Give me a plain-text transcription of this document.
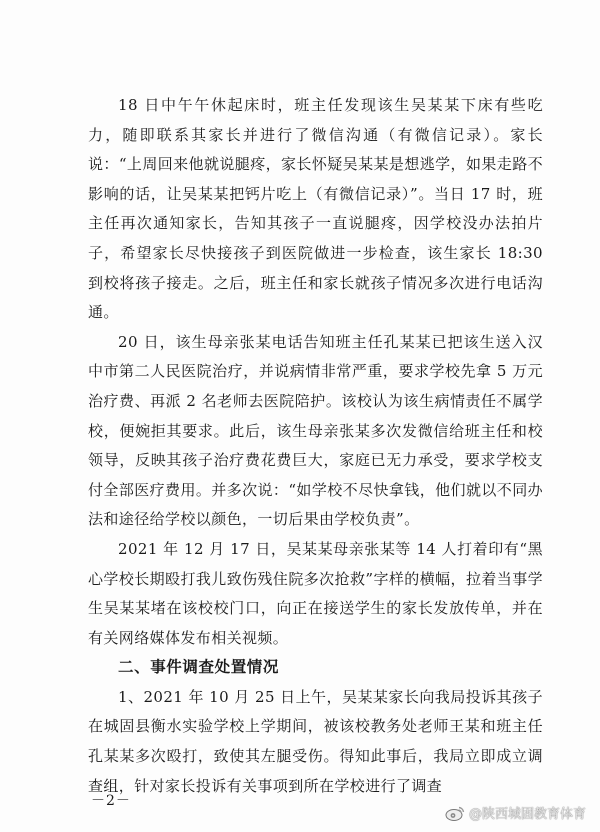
18 日中午午休起床时，班主任发现该生吴某某下床有些吃力，随即联系其家长并进行了微信沟通（有微信记录）。家长说：“上周回来他就说腿疼，家长怀疑吴某某是想逃学，如果走路不影响的话，让吴某某把钙片吃上（有微信记录）”。当日 17 时，班主任再次通知家长，告知其孩子一直说腿疼，因学校没办法拍片子，希望家长尽快接孩子到医院做进一步检查，该生家长 18:30 到校将孩子接走。之后，班主任和家长就孩子情况多次进行电话沟通。

20 日，该生母亲张某电话告知班主任孔某某已把该生送入汉中市第二人民医院治疗，并说病情非常严重，要求学校先拿 5 万元治疗费、再派 2 名老师去医院陪护。该校认为该生病情责任不属学校，便婉拒其要求。此后，该生母亲张某多次发微信给班主任和校领导，反映其孩子治疗费花费巨大，家庭已无力承受，要求学校支付全部医疗费用。并多次说：“如学校不尽快拿钱，他们就以不同办法和途径给学校以颜色，一切后果由学校负责”。

2021 年 12 月 17 日，吴某某母亲张某等 14 人打着印有“黑心学校长期殴打我儿致伤残住院多次抢救”字样的横幅，拉着当事学生吴某某堵在该校校门口，向正在接送学生的家长发放传单，并在有关网络媒体发布相关视频。

二、事件调查处置情况

1、2021 年 10 月 25 日上午，吴某某家长向我局投诉其孩子在城固县衡水实验学校上学期间，被该校教务处老师王某和班主任孔某某多次殴打，致使其左腿受伤。得知此事后，我局立即成立调查组，针对家长投诉有关事项到所在学校进行了调查

－2－
@陕西城固教育体育
